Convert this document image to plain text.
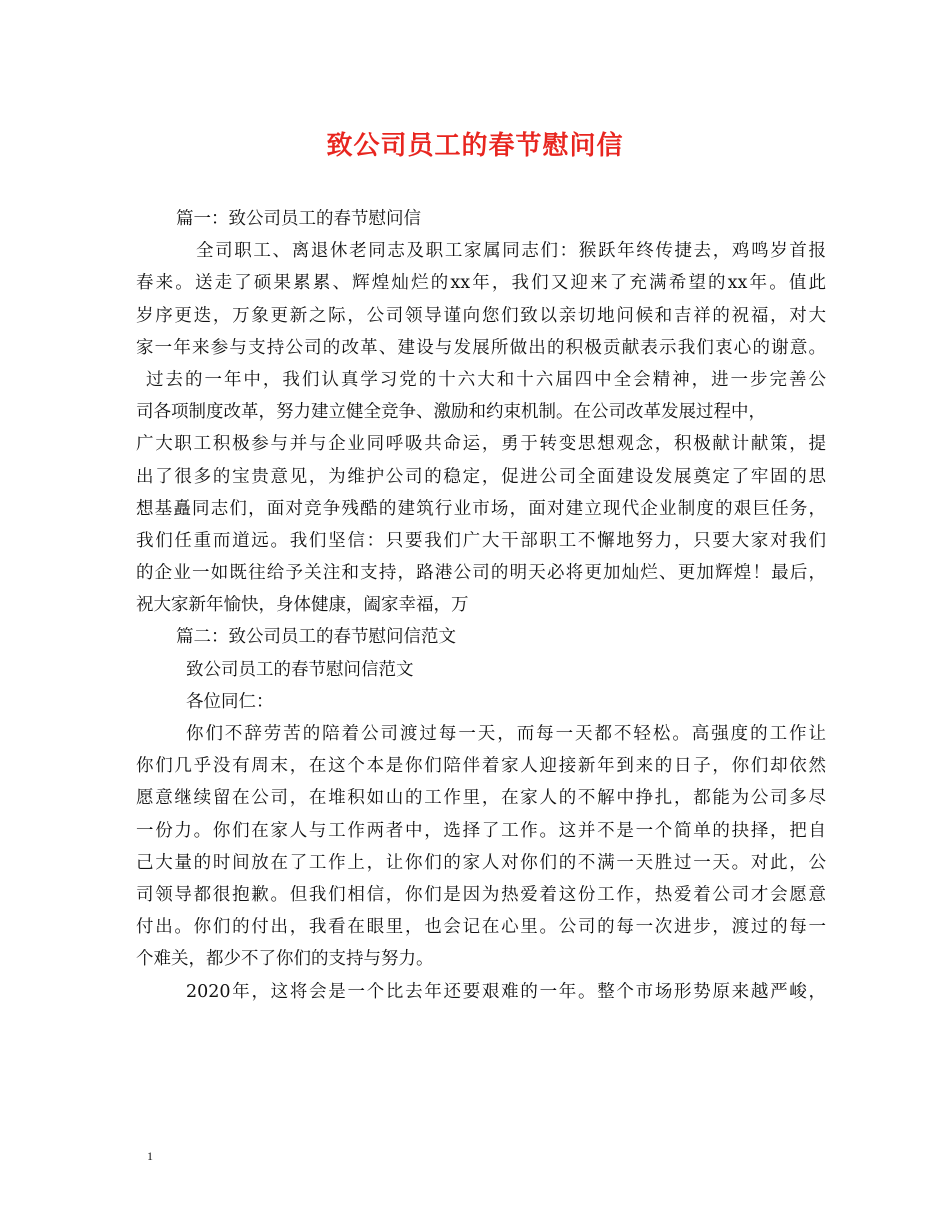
致公司员工的春节慰问信
篇一：致公司员工的春节慰问信
全司职工、离退休老同志及职工家属同志们：猴跃年终传捷去，鸡鸣岁首报
春来。送走了硕果累累、辉煌灿烂的xx年，我们又迎来了充满希望的xx年。值此
岁序更迭，万象更新之际，公司领导谨向您们致以亲切地问候和吉祥的祝福，对大
家一年来参与支持公司的改革、建设与发展所做出的积极贡献表示我们衷心的谢意。
过去的一年中，我们认真学习党的十六大和十六届四中全会精神，进一步完善公
司各项制度改革，努力建立健全竞争、激励和约束机制。在公司改革发展过程中，
广大职工积极参与并与企业同呼吸共命运，勇于转变思想观念，积极献计献策，提
出了很多的宝贵意见，为维护公司的稳定，促进公司全面建设发展奠定了牢固的思
想基矗同志们，面对竞争残酷的建筑行业市场，面对建立现代企业制度的艰巨任务，
我们任重而道远。我们坚信：只要我们广大干部职工不懈地努力，只要大家对我们
的企业一如既往给予关注和支持，路港公司的明天必将更加灿烂、更加辉煌！最后，
祝大家新年愉快，身体健康，阖家幸福，万
篇二：致公司员工的春节慰问信范文
致公司员工的春节慰问信范文
各位同仁：
你们不辞劳苦的陪着公司渡过每一天，而每一天都不轻松。高强度的工作让
你们几乎没有周末，在这个本是你们陪伴着家人迎接新年到来的日子，你们却依然
愿意继续留在公司，在堆积如山的工作里，在家人的不解中挣扎，都能为公司多尽
一份力。你们在家人与工作两者中，选择了工作。这并不是一个简单的抉择，把自
己大量的时间放在了工作上，让你们的家人对你们的不满一天胜过一天。对此，公
司领导都很抱歉。但我们相信，你们是因为热爱着这份工作，热爱着公司才会愿意
付出。你们的付出，我看在眼里，也会记在心里。公司的每一次进步，渡过的每一
个难关，都少不了你们的支持与努力。
2020年，这将会是一个比去年还要艰难的一年。整个市场形势原来越严峻，
1
